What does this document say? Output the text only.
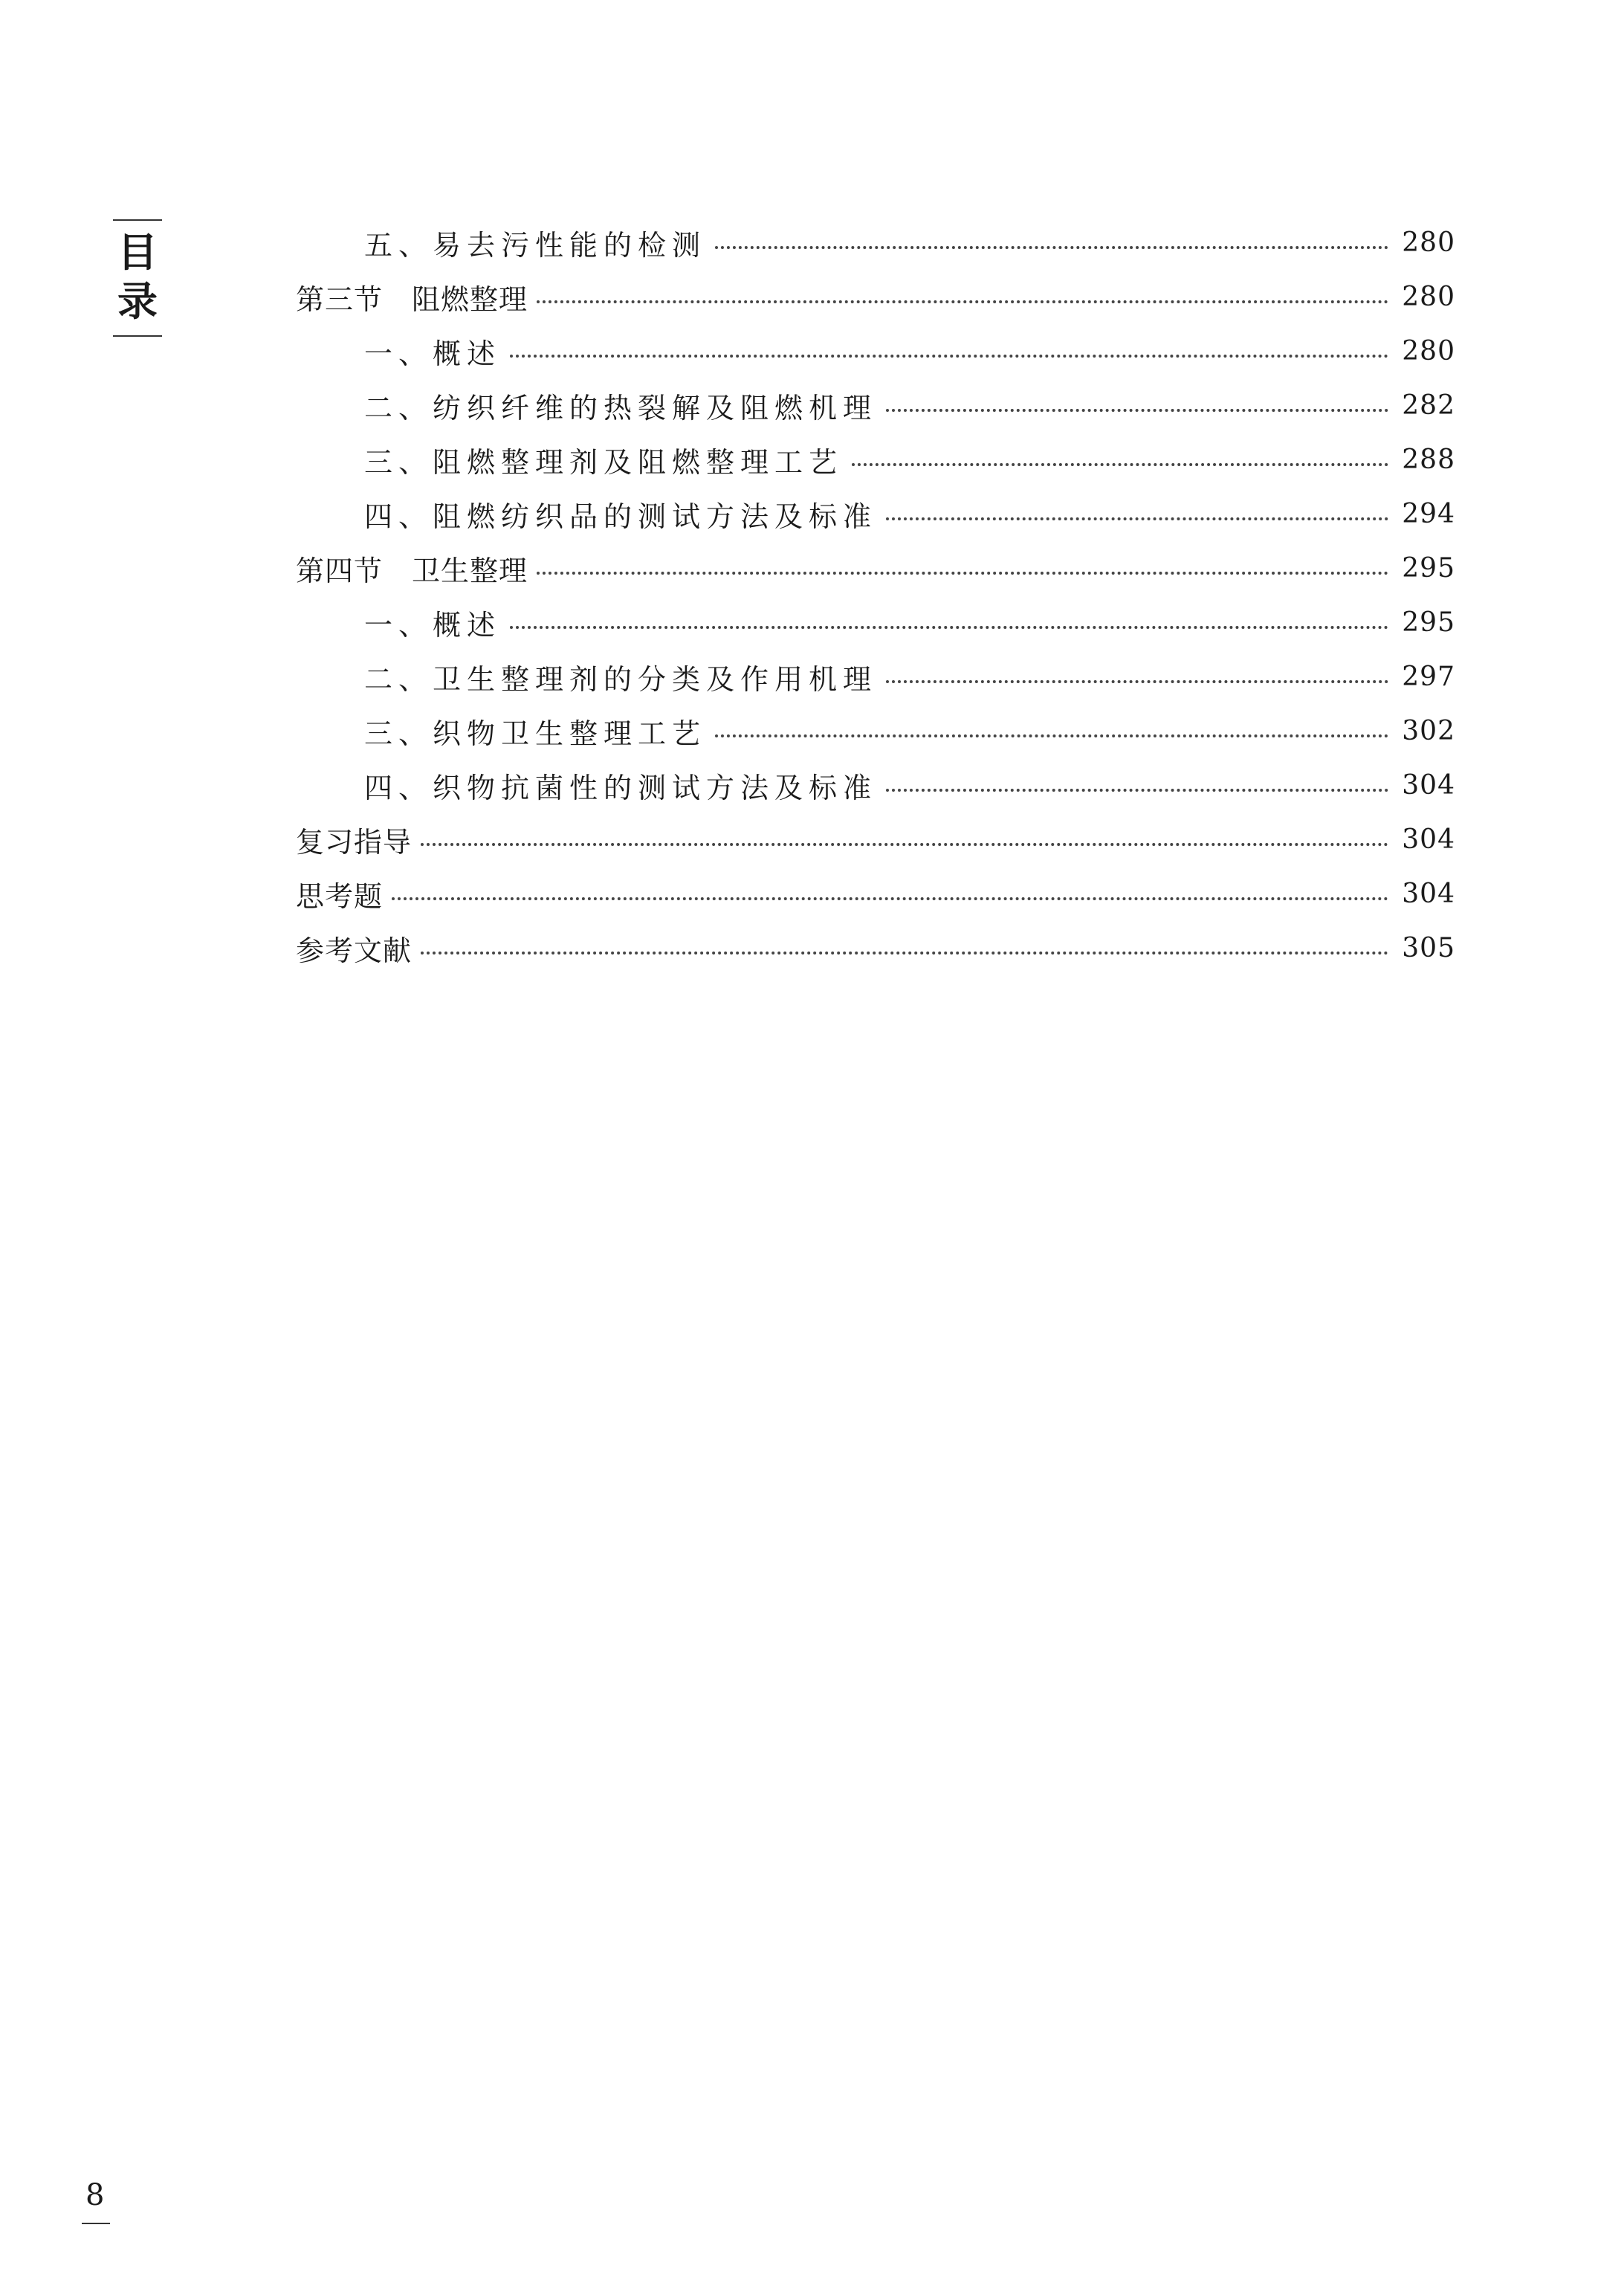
目录
五、易去污性能的检测	280
第三节　阻燃整理	280
一、概述	280
二、纺织纤维的热裂解及阻燃机理	282
三、阻燃整理剂及阻燃整理工艺	288
四、阻燃纺织品的测试方法及标准	294
第四节　卫生整理	295
一、概述	295
二、卫生整理剂的分类及作用机理	297
三、织物卫生整理工艺	302
四、织物抗菌性的测试方法及标准	304
复习指导	304
思考题	304
参考文献	305
8
